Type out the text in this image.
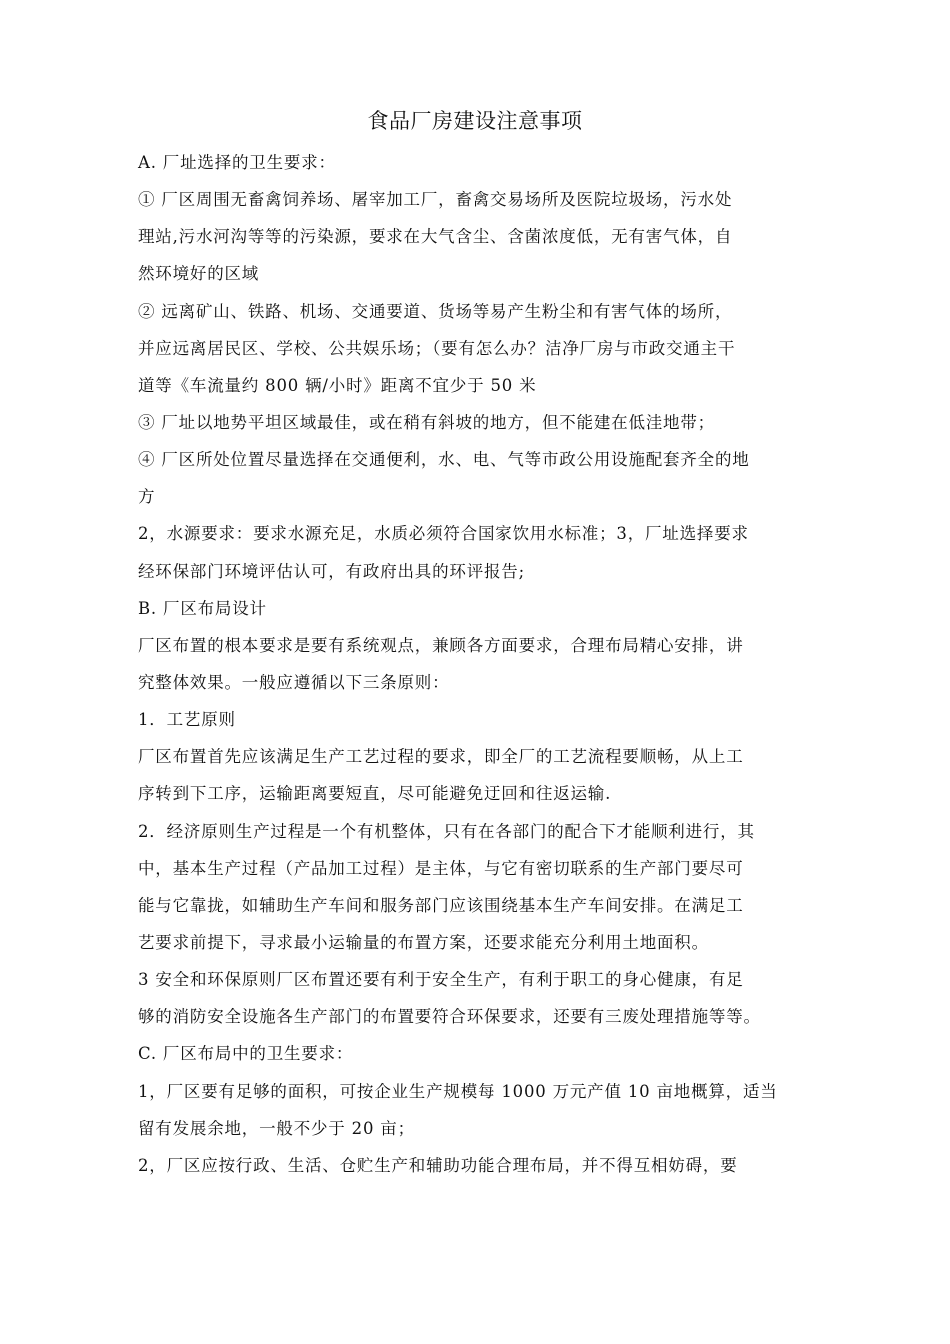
食品厂房建设注意事项
A. 厂址选择的卫生要求：
① 厂区周围无畜禽饲养场、屠宰加工厂，畜禽交易场所及医院垃圾场，污水处
理站,污水河沟等等的污染源，要求在大气含尘、含菌浓度低，无有害气体，自
然环境好的区域
② 远离矿山、铁路、机场、交通要道、货场等易产生粉尘和有害气体的场所，
并应远离居民区、学校、公共娱乐场；（要有怎么办？洁净厂房与市政交通主干
道等《车流量约 800 辆/小时》距离不宜少于 50 米
③ 厂址以地势平坦区域最佳，或在稍有斜坡的地方，但不能建在低洼地带；
④ 厂区所处位置尽量选择在交通便利，水、电、气等市政公用设施配套齐全的地
方
2，水源要求：要求水源充足，水质必须符合国家饮用水标准；3，厂址选择要求
经环保部门环境评估认可，有政府出具的环评报告;
B. 厂区布局设计
厂区布置的根本要求是要有系统观点，兼顾各方面要求，合理布局精心安排，讲
究整体效果。一般应遵循以下三条原则：
1．工艺原则
厂区布置首先应该满足生产工艺过程的要求，即全厂的工艺流程要顺畅，从上工
序转到下工序，运输距离要短直，尽可能避免迂回和往返运输.
2．经济原则生产过程是一个有机整体，只有在各部门的配合下才能顺利进行，其
中，基本生产过程（产品加工过程）是主体，与它有密切联系的生产部门要尽可
能与它靠拢，如辅助生产车间和服务部门应该围绕基本生产车间安排。在满足工
艺要求前提下，寻求最小运输量的布置方案，还要求能充分利用土地面积。
3 安全和环保原则厂区布置还要有利于安全生产，有利于职工的身心健康，有足
够的消防安全设施各生产部门的布置要符合环保要求，还要有三废处理措施等等。
C. 厂区布局中的卫生要求：
1，厂区要有足够的面积，可按企业生产规模每 1000 万元产值 10 亩地概算，适当
留有发展余地，一般不少于 20 亩；
2，厂区应按行政、生活、仓贮生产和辅助功能合理布局，并不得互相妨碍，要
